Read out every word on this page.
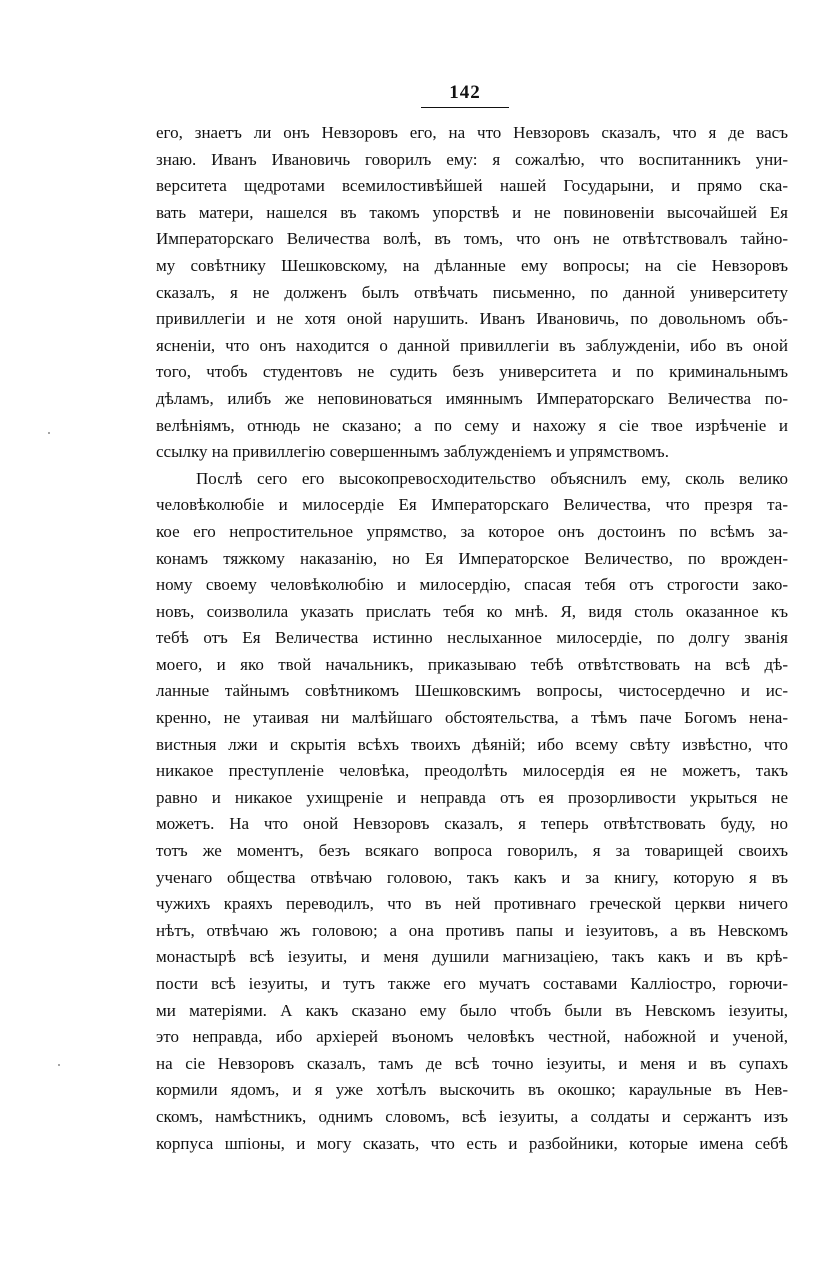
142
его, знаетъ ли онъ Невзоровъ его, на что Невзоровъ сказалъ, что я де васъ
знаю. Иванъ Ивановичь говорилъ ему: я сожалѣю, что воспитанникъ уни-
верситета щедротами всемилостивѣйшей нашей Государыни, и прямо ска-
вать матери, нашелся въ такомъ упорствѣ и не повиновеніи высочайшей Ея
Императорскаго Величества волѣ, въ томъ, что онъ не отвѣтствовалъ тайно-
му совѣтнику Шешковскому, на дѣланные ему вопросы; на сіе Невзоровъ
сказалъ, я не долженъ былъ отвѣчать письменно, по данной университету
привиллегіи и не хотя оной нарушить. Иванъ Ивановичь, по довольномъ объ-
ясненіи, что онъ находится о данной привиллегіи въ заблужденіи, ибо въ оной
того, чтобъ студентовъ не судить безъ университета и по криминальнымъ
дѣламъ, илибъ же неповиноваться имяннымъ Императорскаго Величества по-
велѣніямъ, отнюдь не сказано; а по сему и нахожу я сіе твое изрѣченіе и
ссылку на привиллегію совершеннымъ заблужденіемъ и упрямствомъ.
Послѣ сего его высокопревосходительство объяснилъ ему, сколь велико
человѣколюбіе и милосердіе Ея Императорскаго Величества, что презря та-
кое его непростительное упрямство, за которое онъ достоинъ по всѣмъ за-
конамъ тяжкому наказанію, но Ея Императорское Величество, по врожден-
ному своему человѣколюбію и милосердію, спасая тебя отъ строгости зако-
новъ, соизволила указать прислать тебя ко мнѣ. Я, видя столь оказанное къ
тебѣ отъ Ея Величества истинно неслыханное милосердіе, по долгу званія
моего, и яко твой начальникъ, приказываю тебѣ отвѣтствовать на всѣ дѣ-
ланные тайнымъ совѣтникомъ Шешковскимъ вопросы, чистосердечно и ис-
кренно, не утаивая ни малѣйшаго обстоятельства, а тѣмъ паче Богомъ нена-
вистныя лжи и скрытія всѣхъ твоихъ дѣяній; ибо всему свѣту извѣстно, что
никакое преступленіе человѣка, преодолѣть милосердія ея не можетъ, такъ
равно и никакое ухищреніе и неправда отъ ея прозорливости укрыться не
можетъ. На что оной Невзоровъ сказалъ, я теперь отвѣтствовать буду, но
тотъ же моментъ, безъ всякаго вопроса говорилъ, я за товарищей своихъ
ученаго общества отвѣчаю головою, такъ какъ и за книгу, которую я въ
чужихъ краяхъ переводилъ, что въ ней противнаго греческой церкви ничего
нѣтъ, отвѣчаю жъ головою; а она противъ папы и іезуитовъ, а въ Невскомъ
монастырѣ всѣ іезуиты, и меня душили магнизаціею, такъ какъ и въ крѣ-
пости всѣ іезуиты, и тутъ также его мучатъ составами Калліостро, горючи-
ми матеріями. А какъ сказано ему было чтобъ были въ Невскомъ іезуиты,
это неправда, ибо архіерей въономъ человѣкъ честной, набожной и ученой,
на сіе Невзоровъ сказалъ, тамъ де всѣ точно іезуиты, и меня и въ супахъ
кормили ядомъ, и я уже хотѣлъ выскочить въ окошко; караульные въ Нев-
скомъ, намѣстникъ, однимъ словомъ, всѣ іезуиты, а солдаты и сержантъ изъ
корпуса шпіоны, и могу сказать, что есть и разбойники, которые имена себѣ
